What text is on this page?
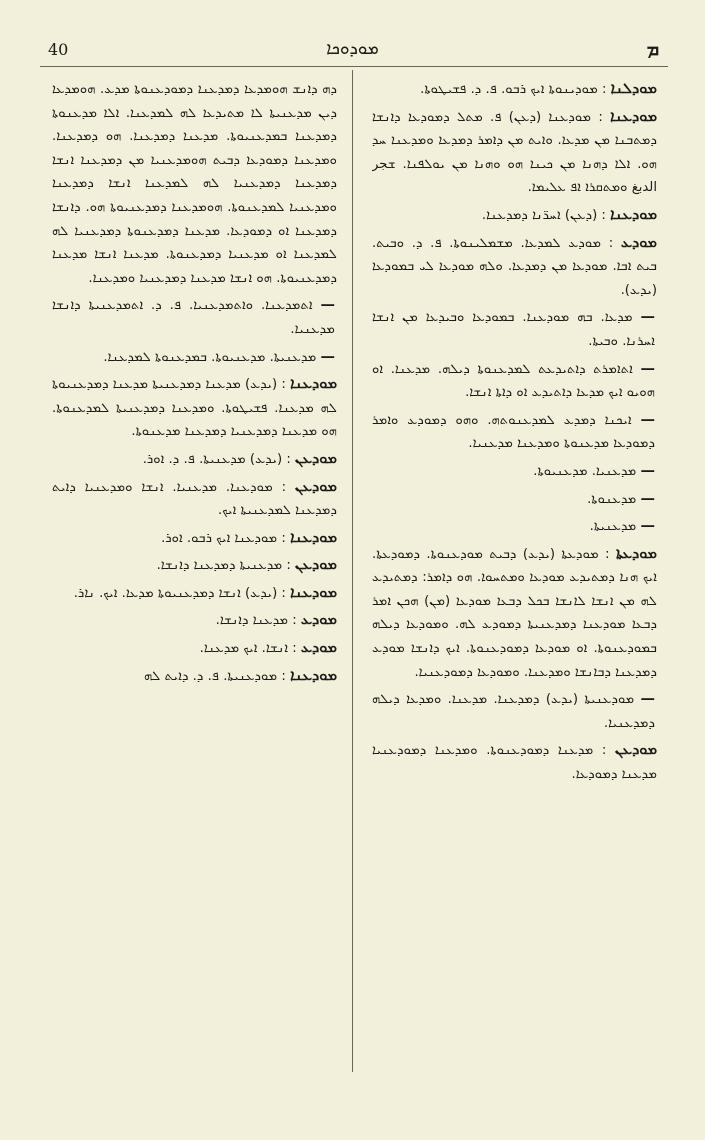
40	ܡܘܕܘܟܐ	ܡ

ܡܘܕܠܢܐ : ܡܘܕܝܢܘܬܐ ܐܝܟ ܪܒܘ. ܦ. ܕ. ܦܫܝܛܘܬܐ.

ܡܘܕܥܢܐ : ܡܘܕܥܢܐ (ܕܥܢ) ܦ. ܡܬܠ ܕܡܘܕܥܐ ܕܐܢܫܐ ܕܡܬܒܢܐ ܡܢ ܡܕܥܐ. ܘܐܝܬ ܡܢ ܕܐܡܪ ܕܡܕܥܐ ܘܡܕܥܢܐ ܚܕ ܗܘ. ܐܠܐ ܕܗܢܐ ܡܢ ܟܝܢܐ ܗܘ ܘܗܢܐ ܡܢ ܝܘܠܦܢܐ. ܫجر الدبغ ܘܡܬܩܪܐ ܐܦ ܥܠܝܡܐ.

ܡܘܕܥܢܐ : (ܕܥܢ) ܐܚܪ̈ܢܐ ܕܡܕܥܢܐ.

ܡܘܕܥ : ܡܘܕܥ ܠܡܕܥܐ. ܡܫܡܠܝܢܘܬܐ. ܦ. ܕ. ܘܒܝܬ. ܒܝܬ ܐܒܐ. ܡܘܕܥܐ ܡܢ ܕܡܕܥܐ. ܘܠܗ ܡܘܕܥܐ ܠܝ ܒܡܘܕܥܐ (ܝܕܥ).

— ܡܕܥܐ. ܒܗ ܡܘܕܥܢܐ. ܒܡܘܕܥܐ ܘܒܝܕܥܐ ܡܢ ܐܢܫܐ ܐܚܪܢܐ. ܘܒܝܬܐ.

— ܐܬܐܡܪܬ ܕܐܬܝܕܥܬ ܠܡܕܥܢܘܬܐ ܕܝܠܗ. ܡܕܥܢܐ. ܐܘ ܗܘܝܘ ܐܝܟ ܡܕܥܐ ܕܐܬܝܕܥ ܐܘ ܕܐܬܐ ܐܢܫܐ.

— ܐܝܟܢܐ ܕܡܕܥ ܠܡܕܥܢܘܬܗ. ܘܗܘ ܕܡܘܕܥ ܘܐܡܪ ܕܡܘܕܥܐ ܡܕܥܢܘܬܐ ܘܡܕܥܢܐ ܡܕܥܢܝܐ.

— ܡܕܥܢܝܐ. ܡܕܥܢܝܘܬܐ.

— ܡܕܥܢܘܬܐ.

— ܡܕܥܢܝܬܐ.

ܡܘܕܥܬܐ : ܡܘܕܥܬܐ (ܝܕܥ) ܕܒܝܬ ܡܘܕܥܢܘܬܐ. ܕܡܘܕܥܬܐ. ܐܝܟ ܗܢܐ ܕܡܬܝܕܥ ܡܘܕܥܐ ܘܡܬܚܘܐ. ܗܘ ܕܐܡܪ: ܕܡܬܝܕܥ ܠܗ ܡܢ ܐܢܫܐ ܠܐܢܫܐ ܒܟܠ ܕܒܥܐ ܡܘܕܥܐ (ܡܢ) ܗܟܢ ܐܡܪ ܕܒܥܐ ܡܘܕܥܢܐ ܕܡܕܥܢܝܬܐ ܕܡܘܕܥ ܠܗ. ܘܡܘܕܥܐ ܕܝܠܗ ܒܡܘܕܥܢܘܬܐ. ܐܘ ܡܘܕܥܐ ܕܡܘܕܥܢܘܬܐ. ܐܝܟ ܕܐܢܫܐ ܡܘܕܥ ܕܡܕܥܢܐ ܕܒܐܢܫܐ ܘܡܕܥܢܐ. ܘܡܘܕܥܐ ܕܡܘܕܥܢܝܐ.

— ܡܘܕܥܢܝܬܐ (ܝܕܥ) ܕܡܕܥܢܐ. ܡܕܥܢܐ. ܘܡܕܥܐ ܕܝܠܗ ܕܡܕܥܢܝܐ.

ܡܘܕܥܢ : ܡܕܥܢܐ ܕܡܘܕܥܢܘܬܐ. ܘܡܕܥܢܐ ܕܡܘܕܥܢܝܐ ܡܕܥܢܐ ܕܡܘܕܥܐ.

ܕܗ ܕܐܢܫ ܗܘܡܕܥܐ ܕܡܕܥܢܐ ܕܡܘܕܥܢܘܬܐ ܡܕܥ. ܗܘܡܕܥܐ ܕܝܢ ܡܕܥܢܝܬܐ ܠܐ ܡܬܝܕܥܐ ܠܗ ܠܡܕܥܢܐ. ܐܠܐ ܡܕܥܢܘܬܐ ܕܡܕܥܢܐ ܒܡܕܥܢܝܘܬܐ. ܡܕܥܢܐ ܕܡܕܥܢܐ. ܗܘ ܕܡܕܥܢܐ. ܘܡܕܥܢܐ ܕܡܘܕܥܐ ܕܒܝܬ ܗܘܡܕܥܢܝܐ ܡܢ ܕܡܕܥܢܐ ܐܢܫܐ ܕܡܕܥܢܐ ܕܡܕܥܢܝܐ ܠܗ ܠܡܕܥܢܐ ܐܢܫܐ ܕܡܕܥܢܐ ܘܡܕܥܢܝܐ ܠܡܕܥܢܘܬܐ. ܗܘܡܕܥܢܐ ܕܡܕܥܢܝܘܬܐ ܗܘ. ܕܐܢܫܐ ܕܡܕܥܢܐ ܐܘ ܕܡܘܕܥܐ. ܡܕܥܢܐ ܕܡܕܥܢܘܬܐ ܕܡܕܥܢܝܐ ܠܗ ܠܡܕܥܢܐ ܐܘ ܡܕܥܢܝܐ ܕܡܕܥܢܘܬܐ. ܡܕܥܢܐ ܐܢܫܐ ܡܕܥܢܐ ܕܡܕܥܢܝܘܬܐ. ܗܘ ܐܢܫܐ ܡܕܥܢܐ ܕܡܕܥܢܝܐ ܘܡܕܥܢܐ.

— ܐܬܡܕܥܢܐ. ܘܐܬܡܕܥܢܝܐ. ܦ. ܕ. ܐܬܡܕܥܢܝܬܐ ܕܐܢܫܐ ܡܕܥܢܝܐ.

— ܡܕܥܢܝܬܐ. ܡܕܥܢܝܘܬܐ. ܒܡܕܥܢܘܬܐ ܠܡܕܥܢܐ.

ܡܘܕܥܢܐ : (ܝܕܥ) ܡܕܥܢܐ ܕܡܕܥܢܝܬܐ ܡܕܥܢܐ ܕܡܕܥܢܝܘܬܐ ܠܗ ܡܕܥܢܐ. ܦܫܝܛܘܬܐ. ܘܡܕܥܢܐ ܕܡܕܥܢܝܬܐ ܠܡܕܥܢܘܬܐ. ܗܘ ܡܕܥܢܐ ܕܡܕܥܢܝܐ ܕܡܕܥܢܐ ܡܕܥܢܘܬܐ.

ܡܘܕܥܢ : (ܝܕܥ) ܡܕܥܢܝܬܐ. ܦ. ܕ. ܐܘܪ.

ܡܘܕܥܢ : ܡܘܕܥܢܐ. ܡܕܥܢܝܐ. ܐܢܫܐ ܘܡܕܥܢܝܐ ܕܐܝܬ ܕܡܕܥܢܐ ܠܡܕܥܢܝܬܐ ܐܝܟ.

ܡܘܕܥܢܐ : ܡܘܕܥܢܐ ܐܝܟ ܪܒܘ. ܐܘܪ.

ܡܘܕܥܢ : ܡܕܥܢܝܬܐ ܕܡܕܥܢܐ ܕܐܢܫܐ.

ܡܘܕܥܢܐ : (ܝܕܥ) ܐܢܫܐ ܕܡܕܥܢܝܘܬܐ ܡܕܥܐ. ܐܝܟ. ܢܐܪ.

ܡܘܕܥ : ܡܕܥܢܐ ܕܐܢܫܐ.

ܡܘܕܥ : ܐܢܫܐ. ܐܝܟ ܡܕܥܢܐ.

ܡܘܕܥܢܐ : ܡܘܕܥܢܝܬܐ. ܦ. ܕ. ܕܐܝܬ ܠܗ
